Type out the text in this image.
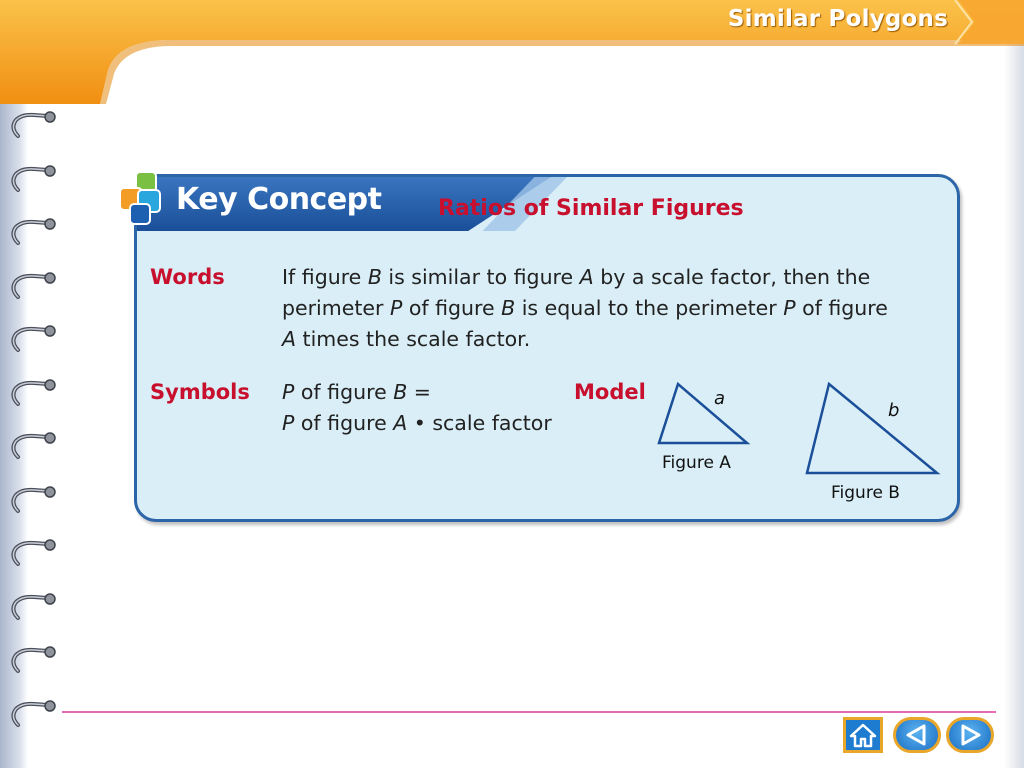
Similar Polygons
Key Concept	Ratios of Similar Figures
Words	If figure B is similar to figure A by a scale factor, then the
perimeter P of figure B is equal to the perimeter P of figure
A times the scale factor.
Symbols P of figure B =
P of figure A • scale factor
Model	a
Figure A
b
Figure B
